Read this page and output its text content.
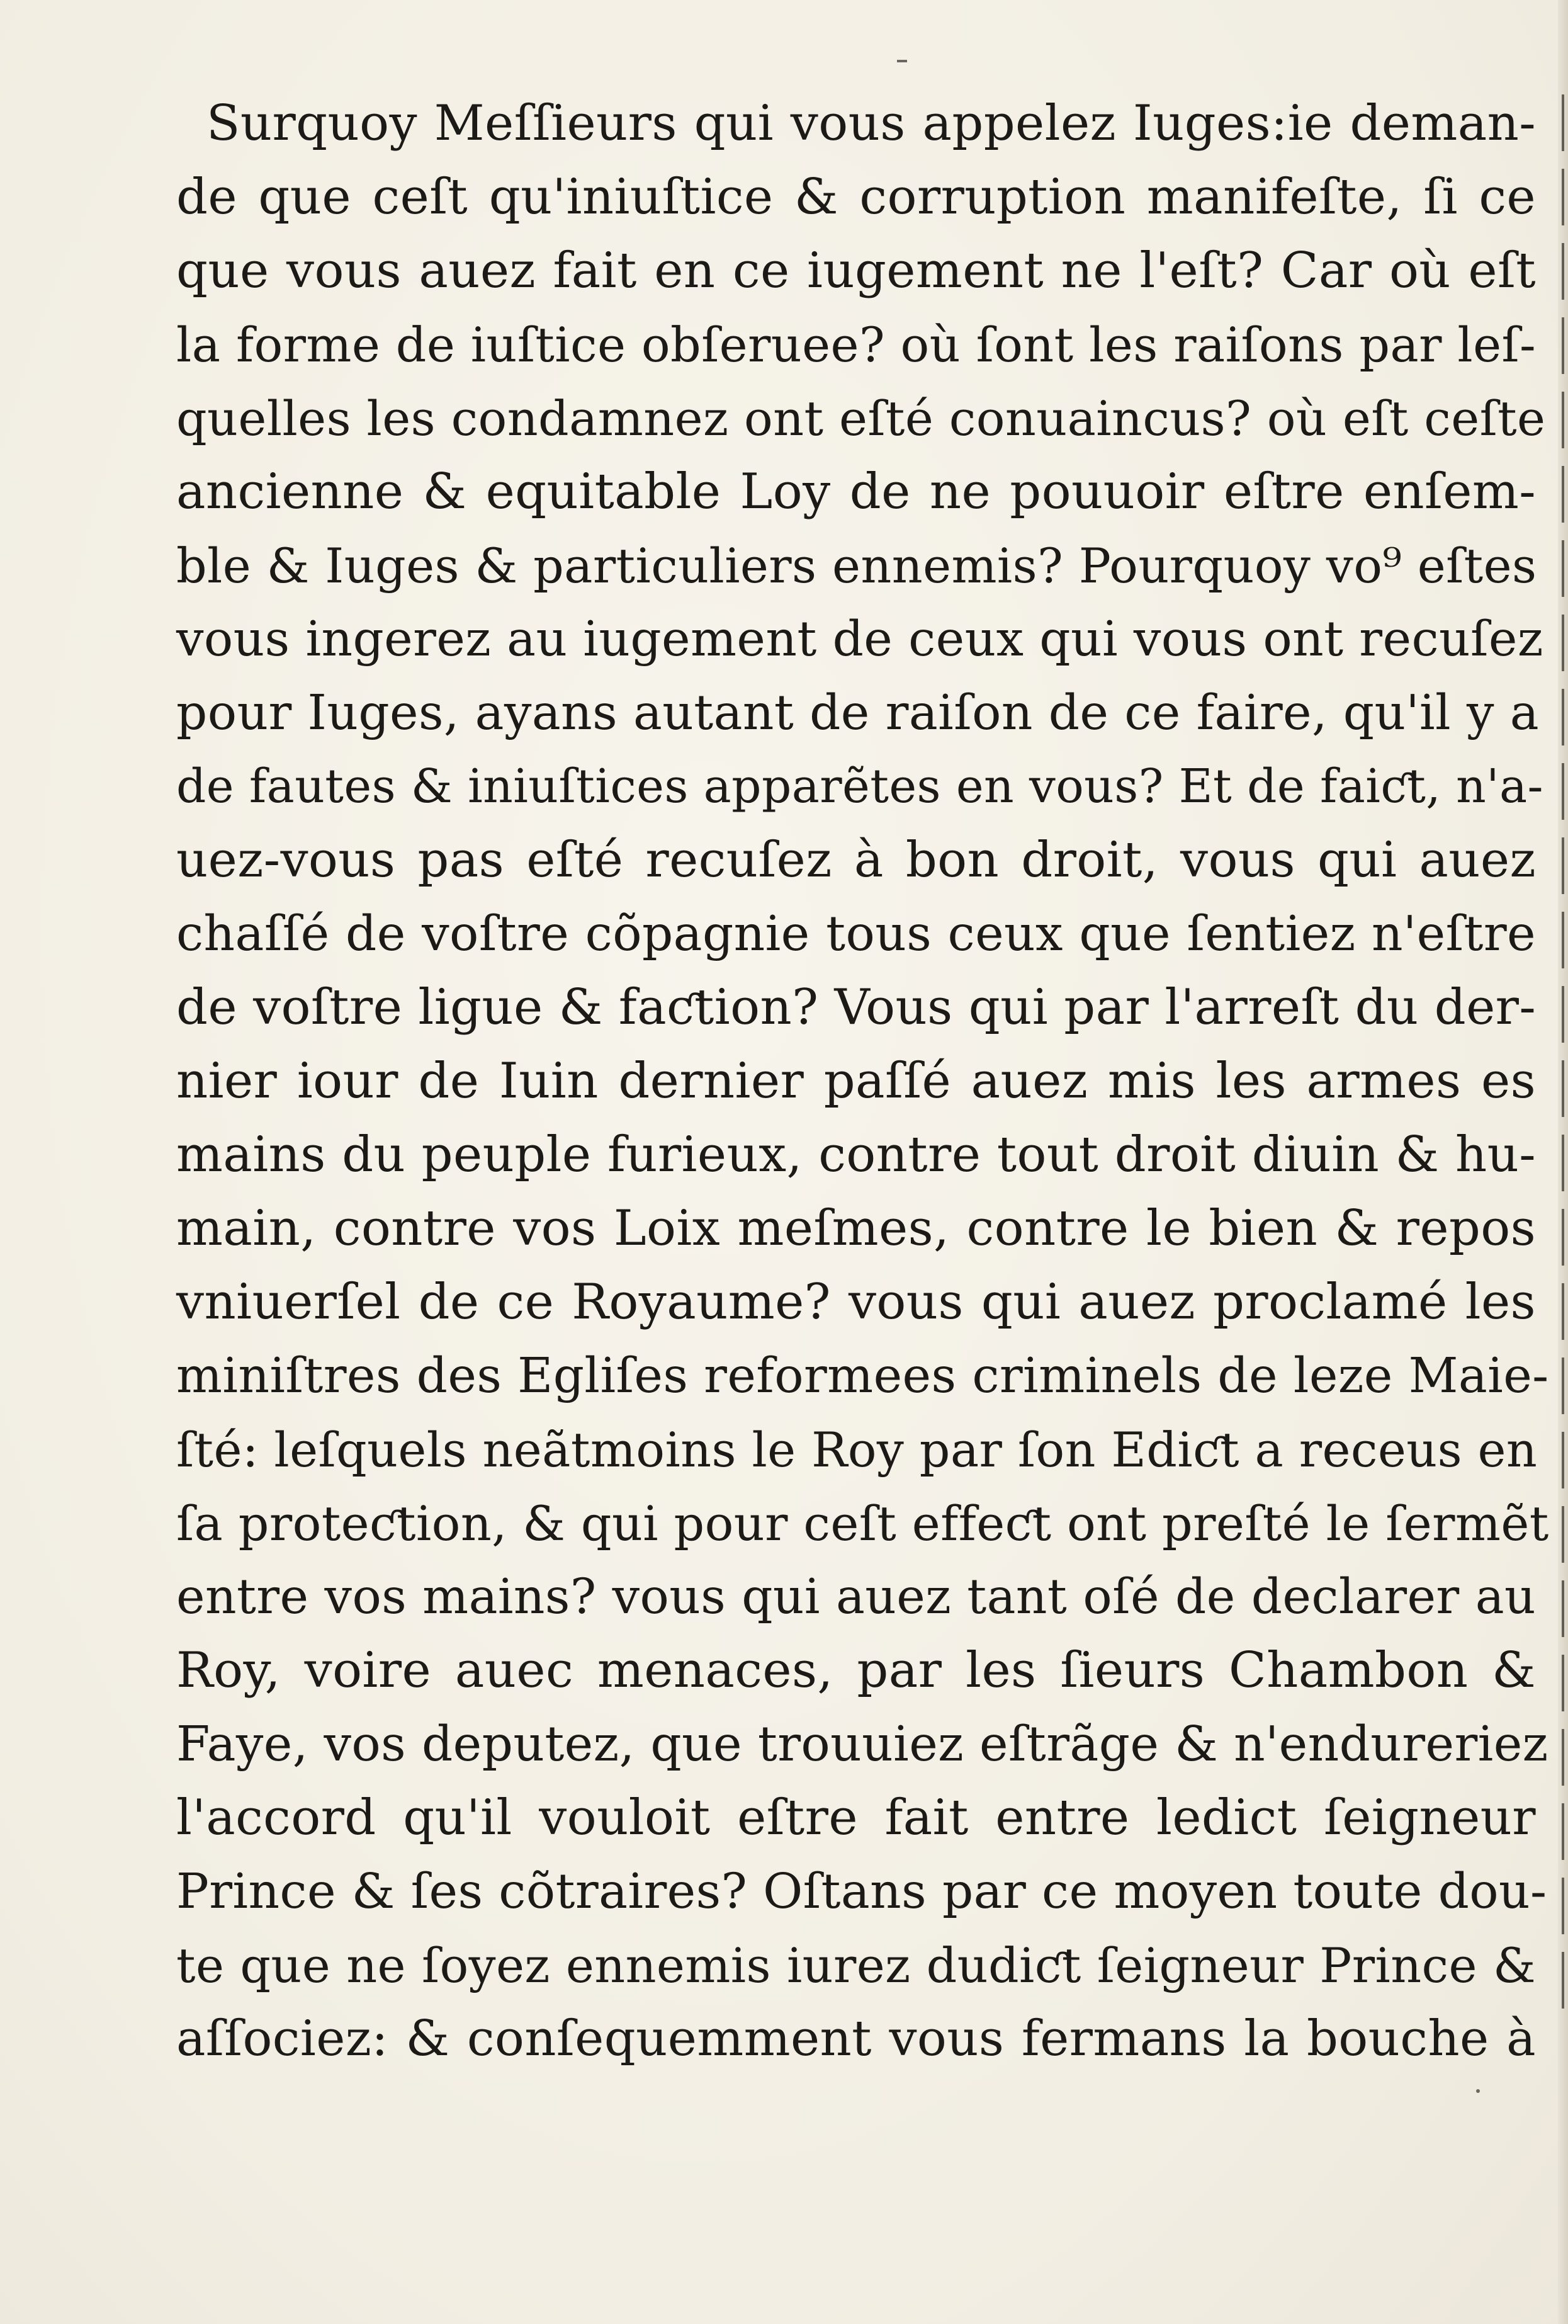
Surquoy Meſſieurs qui vous appelez Iuges:ie deman-
de que ceſt qu'iniuſtice & corruption manifeſte, ſi ce
que vous auez fait en ce iugement ne l'eſt? Car où eſt
la forme de iuſtice obſeruee? où ſont les raiſons par leſ-
quelles les condamnez ont eſté conuaincus? où eſt ceſte
ancienne & equitable Loy de ne pouuoir eſtre enſem-
ble & Iuges & particuliers ennemis? Pourquoy vo⁹ eſtes
vous ingerez au iugement de ceux qui vous ont recuſez
pour Iuges, ayans autant de raiſon de ce faire, qu'il y a
de fautes & iniuſtices apparẽtes en vous? Et de faiƈt, n'a-
uez-vous pas eſté recuſez à bon droit, vous qui auez
chaſſé de voſtre cõpagnie tous ceux que ſentiez n'eſtre
de voſtre ligue & faƈtion? Vous qui par l'arreſt du der-
nier iour de Iuin dernier paſſé auez mis les armes es
mains du peuple furieux, contre tout droit diuin & hu-
main, contre vos Loix meſmes, contre le bien & repos
vniuerſel de ce Royaume? vous qui auez proclamé les
miniſtres des Egliſes reformees criminels de leze Maie-
ſté: leſquels neãtmoins le Roy par ſon Ediƈt a receus en
ſa proteƈtion, & qui pour ceſt effeƈt ont preſté le ſermẽt
entre vos mains? vous qui auez tant oſé de declarer au
Roy, voire auec menaces, par les ſieurs Chambon &
Faye, vos deputez, que trouuiez eſtrãge & n'endureriez
l'accord qu'il vouloit eſtre fait entre ledict ſeigneur
Prince & ſes cõtraires? Oſtans par ce moyen toute dou-
te que ne ſoyez ennemis iurez dudiƈt ſeigneur Prince &
aſſociez: & conſequemment vous fermans la bouche à
